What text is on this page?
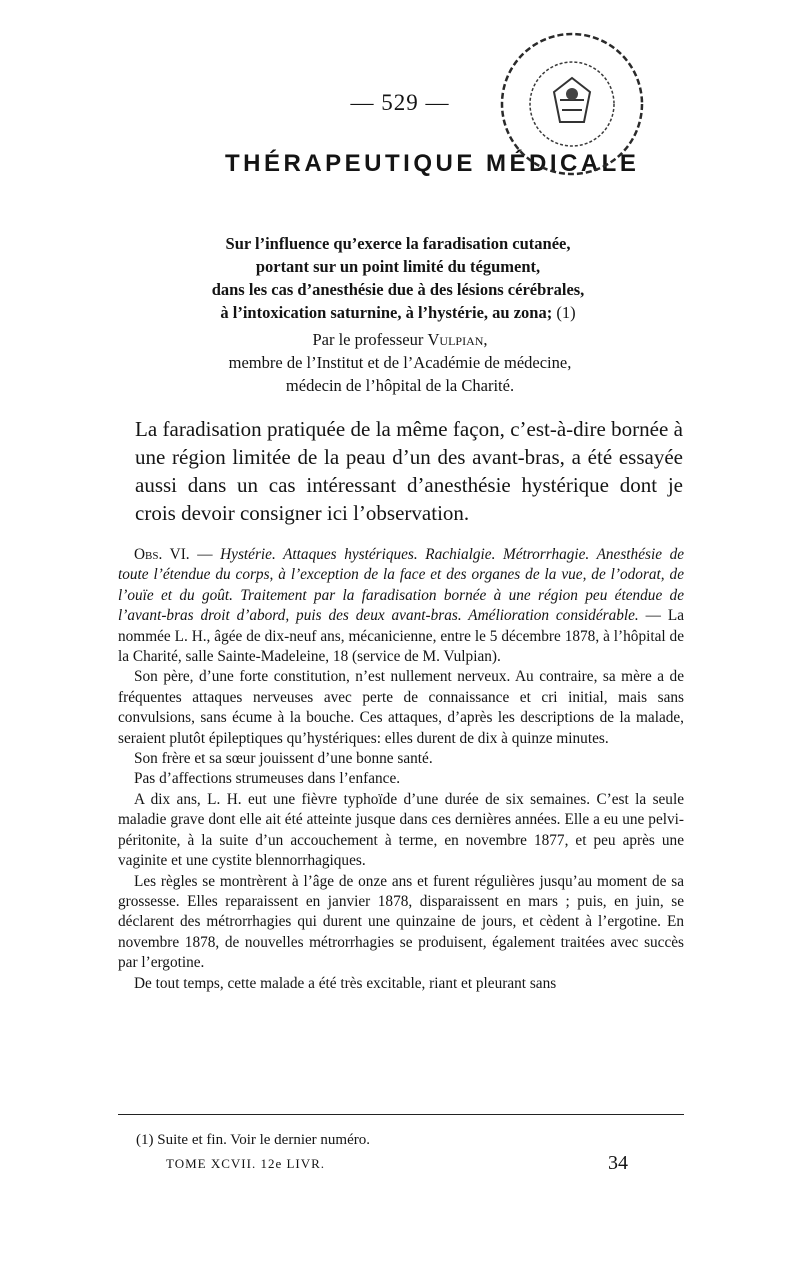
— 529 —
THÉRAPEUTIQUE MÉDICALE
Sur l’influence qu’exerce la faradisation cutanée,
portant sur un point limité du tégument,
dans les cas d’anesthésie due à des lésions cérébrales,
à l’intoxication saturnine, à l’hystérie, au zona; (1)
Par le professeur Vulpian,
membre de l’Institut et de l’Académie de médecine,
médecin de l’hôpital de la Charité.
La faradisation pratiquée de la même façon, c’est-à-dire bornée à une région limitée de la peau d’un des avant-bras, a été essayée aussi dans un cas intéressant d’anesthésie hystérique dont je crois devoir consigner ici l’observation.

Obs. VI. — Hystérie. Attaques hystériques. Rachialgie. Métrorrhagie. Anesthésie de toute l’étendue du corps, à l’exception de la face et des organes de la vue, de l’odorat, de l’ouïe et du goût. Traitement par la faradisation bornée à une région peu étendue de l’avant-bras droit d’abord, puis des deux avant-bras. Amélioration considérable. — La nommée L. H., âgée de dix-neuf ans, mécanicienne, entre le 5 décembre 1878, à l’hôpital de la Charité, salle Sainte-Madeleine, 18 (service de M. Vulpian).

Son père, d’une forte constitution, n’est nullement nerveux. Au contraire, sa mère a de fréquentes attaques nerveuses avec perte de connaissance et cri initial, mais sans convulsions, sans écume à la bouche. Ces attaques, d’après les descriptions de la malade, seraient plutôt épileptiques qu’hystériques: elles durent de dix à quinze minutes.

Son frère et sa sœur jouissent d’une bonne santé.

Pas d’affections strumeuses dans l’enfance.

A dix ans, L. H. eut une fièvre typhoïde d’une durée de six semaines. C’est la seule maladie grave dont elle ait été atteinte jusque dans ces dernières années. Elle a eu une pelvi-péritonite, à la suite d’un accouchement à terme, en novembre 1877, et peu après une vaginite et une cystite blennorrhagiques.

Les règles se montrèrent à l’âge de onze ans et furent régulières jusqu’au moment de sa grossesse. Elles reparaissent en janvier 1878, disparaissent en mars ; puis, en juin, se déclarent des métrorrhagies qui durent une quinzaine de jours, et cèdent à l’ergotine. En novembre 1878, de nouvelles métrorrhagies se produisent, également traitées avec succès par l’ergotine.

De tout temps, cette malade a été très excitable, riant et pleurant sans

(1) Suite et fin. Voir le dernier numéro.
TOME XCVII. 12e LIVR.	34
